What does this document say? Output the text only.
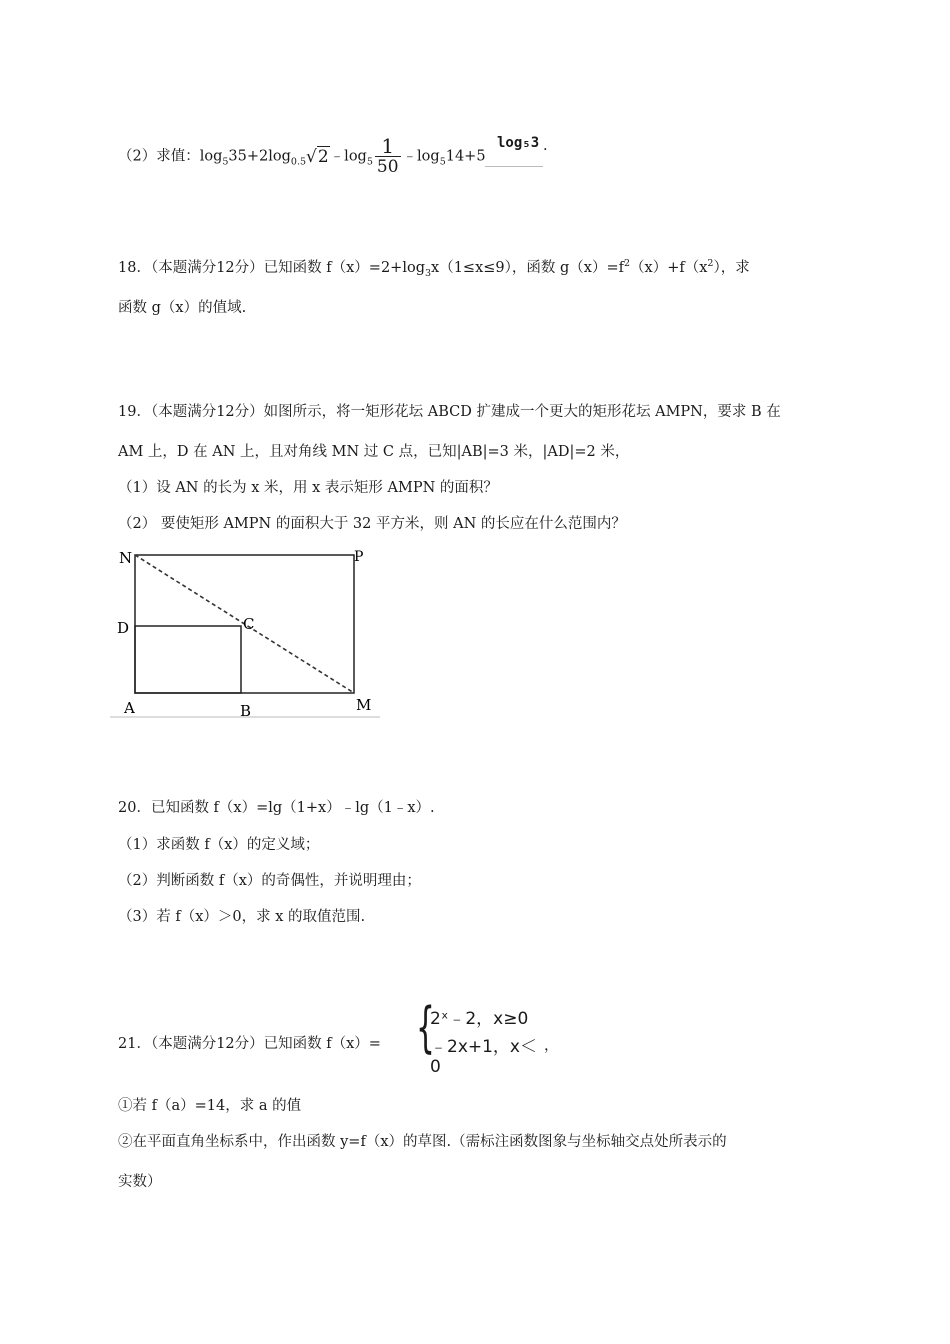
（2）求值：$\log_535+2\log_{0.5}√2﹣\log_5 \frac{1}{50}$ $﹣\log_514+5$
log₅3 .
18．（本题满分12分）已知函数 $f(x)=2+\log_3x(1\le x\le 9)$，函数 $g(x)=f^2(x)+f(x^2)$，求
函数 g（x）的值域.
19．（本题满分12分）如图所示，将一矩形花坛 ABCD 扩建成一个更大的矩形花坛 AMPN，要求 B 在
AM 上，D 在 AN 上，且对角线 MN 过 C 点，已知|AB|=3 米，|AD|=2 米，
（1）设 AN 的长为 x 米，用 x 表示矩形 AMPN 的面积？
（2） 要使矩形 AMPN 的面积大于 32 平方米，则 AN 的长应在什么范围内？
N	P
D	C
A	B	M
20．已知函数 f（x）=lg（1+x）﹣lg（1﹣x）.
（1）求函数 f（x）的定义域；
（2）判断函数 f（x）的奇偶性，并说明理由；
（3）若 f（x）＞0，求 x 的取值范围.
21．（本题满分12分）已知函数 f（x）= {
2ˣ﹣2，x≥0
﹣2x+1，x＜0
，
①若 f（a）=14，求 a 的值
②在平面直角坐标系中，作出函数 y=f（x）的草图.（需标注函数图象与坐标轴交点处所表示的
实数）
